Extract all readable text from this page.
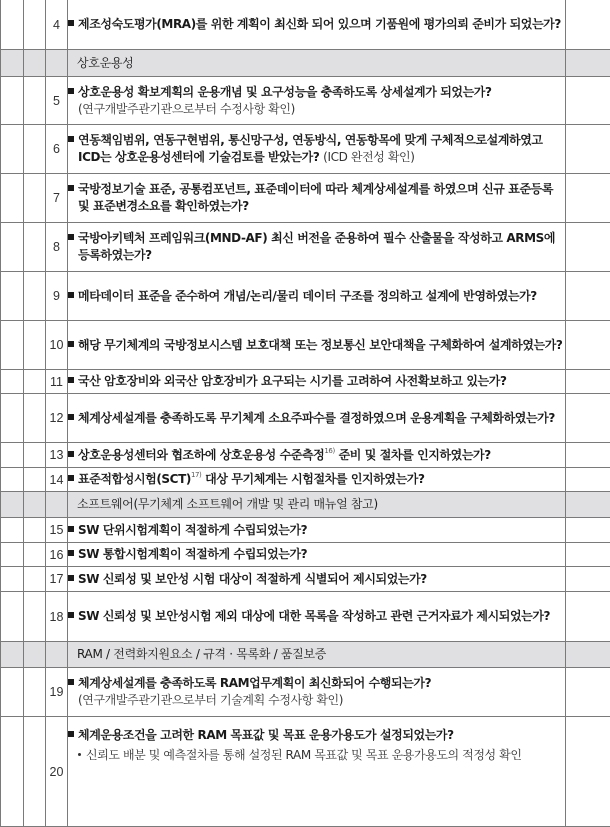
		4	제조성숙도평가(MRA)를 위한 계획이 최신화 되어 있으며 기품원에 평가의뢰 준비가 되었는가?	

			상호운용성	
		5	상호운용성 확보계획의 운용개념 및 요구성능을 충족하도록 상세설계가 되었는가?
(연구개발주관기관으로부터 수정사항 확인)	

		6	연동책임범위, 연동구현범위, 통신망구성, 연동방식, 연동항목에 맞게 구체적으로설계하였고 ICD는 상호운용성센터에 기술검토를 받았는가? (ICD 완전성 확인)	

		7	국방정보기술 표준, 공통컴포넌트, 표준데이터에 따라 체계상세설계를 하였으며 신규 표준등록 및 표준변경소요를 확인하였는가?	

		8	국방아키텍처 프레임워크(MND-AF) 최신 버전을 준용하여 필수 산출물을 작성하고 ARMS에 등록하였는가?	

		9	메타데이터 표준을 준수하여 개념/논리/물리 데이터 구조를 정의하고 설계에 반영하였는가?	

		10	해당 무기체계의 국방정보시스템 보호대책 또는 정보통신 보안대책을 구체화하여 설계하였는가?	

		11	국산 암호장비와 외국산 암호장비가 요구되는 시기를 고려하여 사전확보하고 있는가?	

		12	체계상세설계를 충족하도록 무기체계 소요주파수를 결정하였으며 운용계획을 구체화하였는가?	

		13	상호운용성센터와 협조하에 상호운용성 수준측정$^{16)}$ 준비 및 절차를 인지하였는가?	

		14	표준적합성시험(SCT)$^{17)}$ 대상 무기체계는 시험절차를 인지하였는가?	

			소프트웨어(무기체계 소프트웨어 개발 및 관리 매뉴얼 참고)	
		15	SW 단위시험계획이 적절하게 수립되었는가?	

		16	SW 통합시험계획이 적절하게 수립되었는가?	

		17	SW 신뢰성 및 보안성 시험 대상이 적절하게 식별되어 제시되었는가?	

		18	SW 신뢰성 및 보안성시험 제외 대상에 대한 목록을 작성하고 관련 근거자료가 제시되었는가?	

			RAM / 전력화지원요소 / 규격 · 목록화 / 품질보증	
		19	체계상세설계를 충족하도록 RAM업무계획이 최신화되어 수행되는가?
(연구개발주관기관으로부터 기술계획 수정사항 확인)	

		20	체계운용조건을 고려한 RAM 목표값 및 목표 운용가용도가 설정되었는가?
신뢰도 배분 및 예측절차를 통해 설정된 RAM 목표값 및 목표 운용가용도의 적정성 확인	
